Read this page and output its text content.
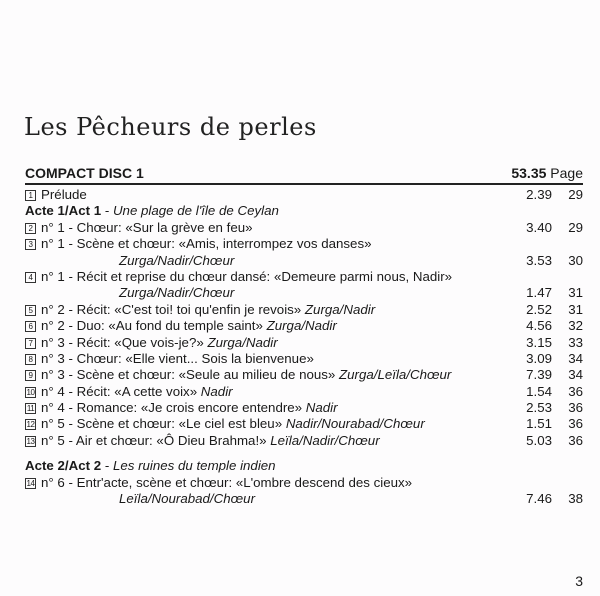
Les Pêcheurs de perles
COMPACT DISC 1	53.35 Page
1 Prélude	2.39 29
Acte 1/Act 1 - Une plage de l'île de Ceylan
2 n° 1 - Chœur: «Sur la grève en feu»	3.40 29
3 n° 1 - Scène et chœur: «Amis, interrompez vos danses»
Zurga/Nadir/Chœur	3.53 30
4 n° 1 - Récit et reprise du chœur dansé: «Demeure parmi nous, Nadir»
Zurga/Nadir/Chœur	1.47 31
5 n° 2 - Récit: «C'est toi! toi qu'enfin je revois» Zurga/Nadir	2.52 31
6 n° 2 - Duo: «Au fond du temple saint» Zurga/Nadir	4.56 32
7 n° 3 - Récit: «Que vois-je?» Zurga/Nadir	3.15 33
8 n° 3 - Chœur: «Elle vient... Sois la bienvenue»	3.09 34
9 n° 3 - Scène et chœur: «Seule au milieu de nous» Zurga/Leïla/Chœur	7.39 34
10 n° 4 - Récit: «A cette voix» Nadir	1.54 36
11 n° 4 - Romance: «Je crois encore entendre» Nadir	2.53 36
12 n° 5 - Scène et chœur: «Le ciel est bleu» Nadir/Nourabad/Chœur	1.51 36
13 n° 5 - Air et chœur: «Ô Dieu Brahma!» Leïla/Nadir/Chœur	5.03 36
Acte 2/Act 2 - Les ruines du temple indien
14 n° 6 - Entr'acte, scène et chœur: «L'ombre descend des cieux»
Leïla/Nourabad/Chœur	7.46 38
3
